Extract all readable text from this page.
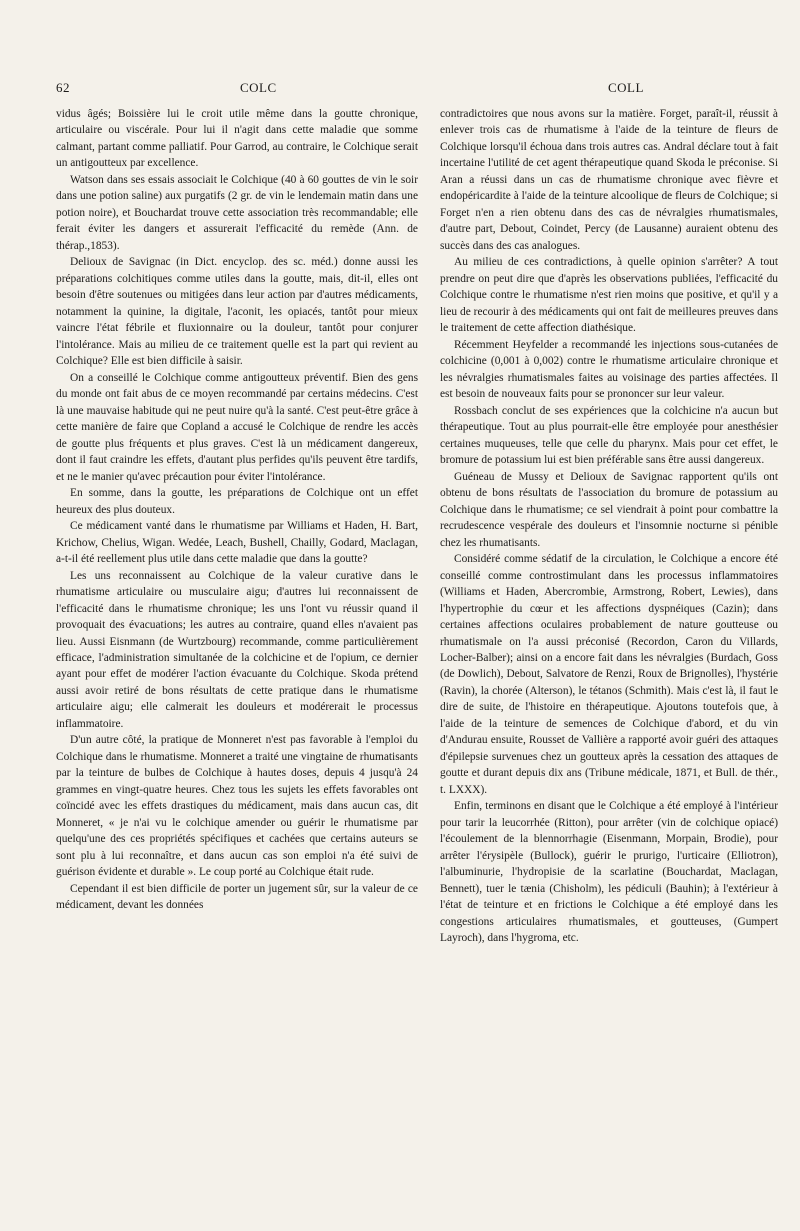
62	COLC	COLL

vidus âgés; Boissière lui le croit utile même dans la goutte chronique, articulaire ou viscérale. Pour lui il n'agit dans cette maladie que somme calmant, partant comme palliatif. Pour Garrod, au contraire, le Colchique serait un antigoutteux par excellence.

Watson dans ses essais associait le Colchique (40 à 60 gouttes de vin le soir dans une potion saline) aux purgatifs (2 gr. de vin le lendemain matin dans une potion noire), et Bouchardat trouve cette association très recommandable; elle ferait éviter les dangers et assurerait l'efficacité du remède (Ann. de thérap.,1853).

Delioux de Savignac (in Dict. encyclop. des sc. méd.) donne aussi les préparations colchitiques comme utiles dans la goutte, mais, dit-il, elles ont besoin d'être soutenues ou mitigées dans leur action par d'autres médicaments, notamment la quinine, la digitale, l'aconit, les opiacés, tantôt pour mieux vaincre l'état fébrile et fluxionnaire ou la douleur, tantôt pour conjurer l'intolérance. Mais au milieu de ce traitement quelle est la part qui revient au Colchique? Elle est bien difficile à saisir.

On a conseillé le Colchique comme antigoutteux préventif. Bien des gens du monde ont fait abus de ce moyen recommandé par certains médecins. C'est là une mauvaise habitude qui ne peut nuire qu'à la santé. C'est peut-être grâce à cette manière de faire que Copland a accusé le Colchique de rendre les accès de goutte plus fréquents et plus graves. C'est là un médicament dangereux, dont il faut craindre les effets, d'autant plus perfides qu'ils peuvent être tardifs, et ne le manier qu'avec précaution pour éviter l'intolérance.

En somme, dans la goutte, les préparations de Colchique ont un effet heureux des plus douteux.

Ce médicament vanté dans le rhumatisme par Williams et Haden, H. Bart, Krichow, Chelius, Wigan. Wedée, Leach, Bushell, Chailly, Godard, Maclagan, a-t-il été reellement plus utile dans cette maladie que dans la goutte?

Les uns reconnaissent au Colchique de la valeur curative dans le rhumatisme articulaire ou musculaire aigu; d'autres lui reconnaissent de l'efficacité dans le rhumatisme chronique; les uns l'ont vu réussir quand il provoquait des évacuations; les autres au contraire, quand elles n'avaient pas lieu. Aussi Eisnmann (de Wurtzbourg) recommande, comme particulièrement efficace, l'administration simultanée de la colchicine et de l'opium, ce dernier ayant pour effet de modérer l'action évacuante du Colchique. Skoda prétend aussi avoir retiré de bons résultats de cette pratique dans le rhumatisme articulaire aigu; elle calmerait les douleurs et modérerait le processus inflammatoire.

D'un autre côté, la pratique de Monneret n'est pas favorable à l'emploi du Colchique dans le rhumatisme. Monneret a traité une vingtaine de rhumatisants par la teinture de bulbes de Colchique à hautes doses, depuis 4 jusqu'à 24 grammes en vingt-quatre heures. Chez tous les sujets les effets favorables ont coïncidé avec les effets drastiques du médicament, mais dans aucun cas, dit Monneret, « je n'ai vu le colchique amender ou guérir le rhumatisme par quelqu'une des ces propriétés spécifiques et cachées que certains auteurs se sont plu à lui reconnaître, et dans aucun cas son emploi n'a été suivi de guérison évidente et durable ». Le coup porté au Colchique était rude.

Cependant il est bien difficile de porter un jugement sûr, sur la valeur de ce médicament, devant les données

contradictoires que nous avons sur la matière. Forget, paraît-il, réussit à enlever trois cas de rhumatisme à l'aide de la teinture de fleurs de Colchique lorsqu'il échoua dans trois autres cas. Andral déclare tout à fait incertaine l'utilité de cet agent thérapeutique quand Skoda le préconise. Si Aran a réussi dans un cas de rhumatisme chronique avec fièvre et endopéricardite à l'aide de la teinture alcoolique de fleurs de Colchique; si Forget n'en a rien obtenu dans des cas de névralgies rhumatismales, d'autre part, Debout, Coindet, Percy (de Lausanne) auraient obtenu des succès dans des cas analogues.

Au milieu de ces contradictions, à quelle opinion s'arrêter? A tout prendre on peut dire que d'après les observations publiées, l'efficacité du Colchique contre le rhumatisme n'est rien moins que positive, et qu'il y a lieu de recourir à des médicaments qui ont fait de meilleures preuves dans le traitement de cette affection diathésique.

Récemment Heyfelder a recommandé les injections sous-cutanées de colchicine (0,001 à 0,002) contre le rhumatisme articulaire chronique et les névralgies rhumatismales faites au voisinage des parties affectées. Il est besoin de nouveaux faits pour se prononcer sur leur valeur.

Rossbach conclut de ses expériences que la colchicine n'a aucun but thérapeutique. Tout au plus pourrait-elle être employée pour anesthésier certaines muqueuses, telle que celle du pharynx. Mais pour cet effet, le bromure de potassium lui est bien préférable sans être aussi dangereux.

Guéneau de Mussy et Delioux de Savignac rapportent qu'ils ont obtenu de bons résultats de l'association du bromure de potassium au Colchique dans le rhumatisme; ce sel viendrait à point pour combattre la recrudescence vespérale des douleurs et l'insomnie nocturne si pénible chez les rhumatisants.

Considéré comme sédatif de la circulation, le Colchique a encore été conseillé comme controstimulant dans les processus inflammatoires (Williams et Haden, Abercrombie, Armstrong, Robert, Lewies), dans l'hypertrophie du cœur et les affections dyspnéiques (Cazin); dans certaines affections oculaires probablement de nature goutteuse ou rhumatismale on l'a aussi préconisé (Recordon, Caron du Villards, Locher-Balber); ainsi on a encore fait dans les névralgies (Burdach, Goss (de Dowlich), Debout, Salvatore de Renzi, Roux de Brignolles), l'hystérie (Ravin), la chorée (Alterson), le tétanos (Schmith). Mais c'est là, il faut le dire de suite, de l'histoire en thérapeutique. Ajoutons toutefois que, à l'aide de la teinture de semences de Colchique d'abord, et du vin d'Andurau ensuite, Rousset de Vallière a rapporté avoir guéri des attaques d'épilepsie survenues chez un goutteux après la cessation des attaques de goutte et durant depuis dix ans (Tribune médicale, 1871, et Bull. de thér., t. LXXX).

Enfin, terminons en disant que le Colchique a été employé à l'intérieur pour tarir la leucorrhée (Ritton), pour arrêter (vin de colchique opiacé) l'écoulement de la blennorrhagie (Eisenmann, Morpain, Brodie), pour arrêter l'érysipèle (Bullock), guérir le prurigo, l'urticaire (Elliotron), l'albuminurie, l'hydropisie de la scarlatine (Bouchardat, Maclagan, Bennett), tuer le tænia (Chisholm), les pédiculi (Bauhin); à l'extérieur à l'état de teinture et en frictions le Colchique a été employé dans les congestions articulaires rhumatismales, et goutteuses, (Gumpert Layroch), dans l'hygroma, etc.
